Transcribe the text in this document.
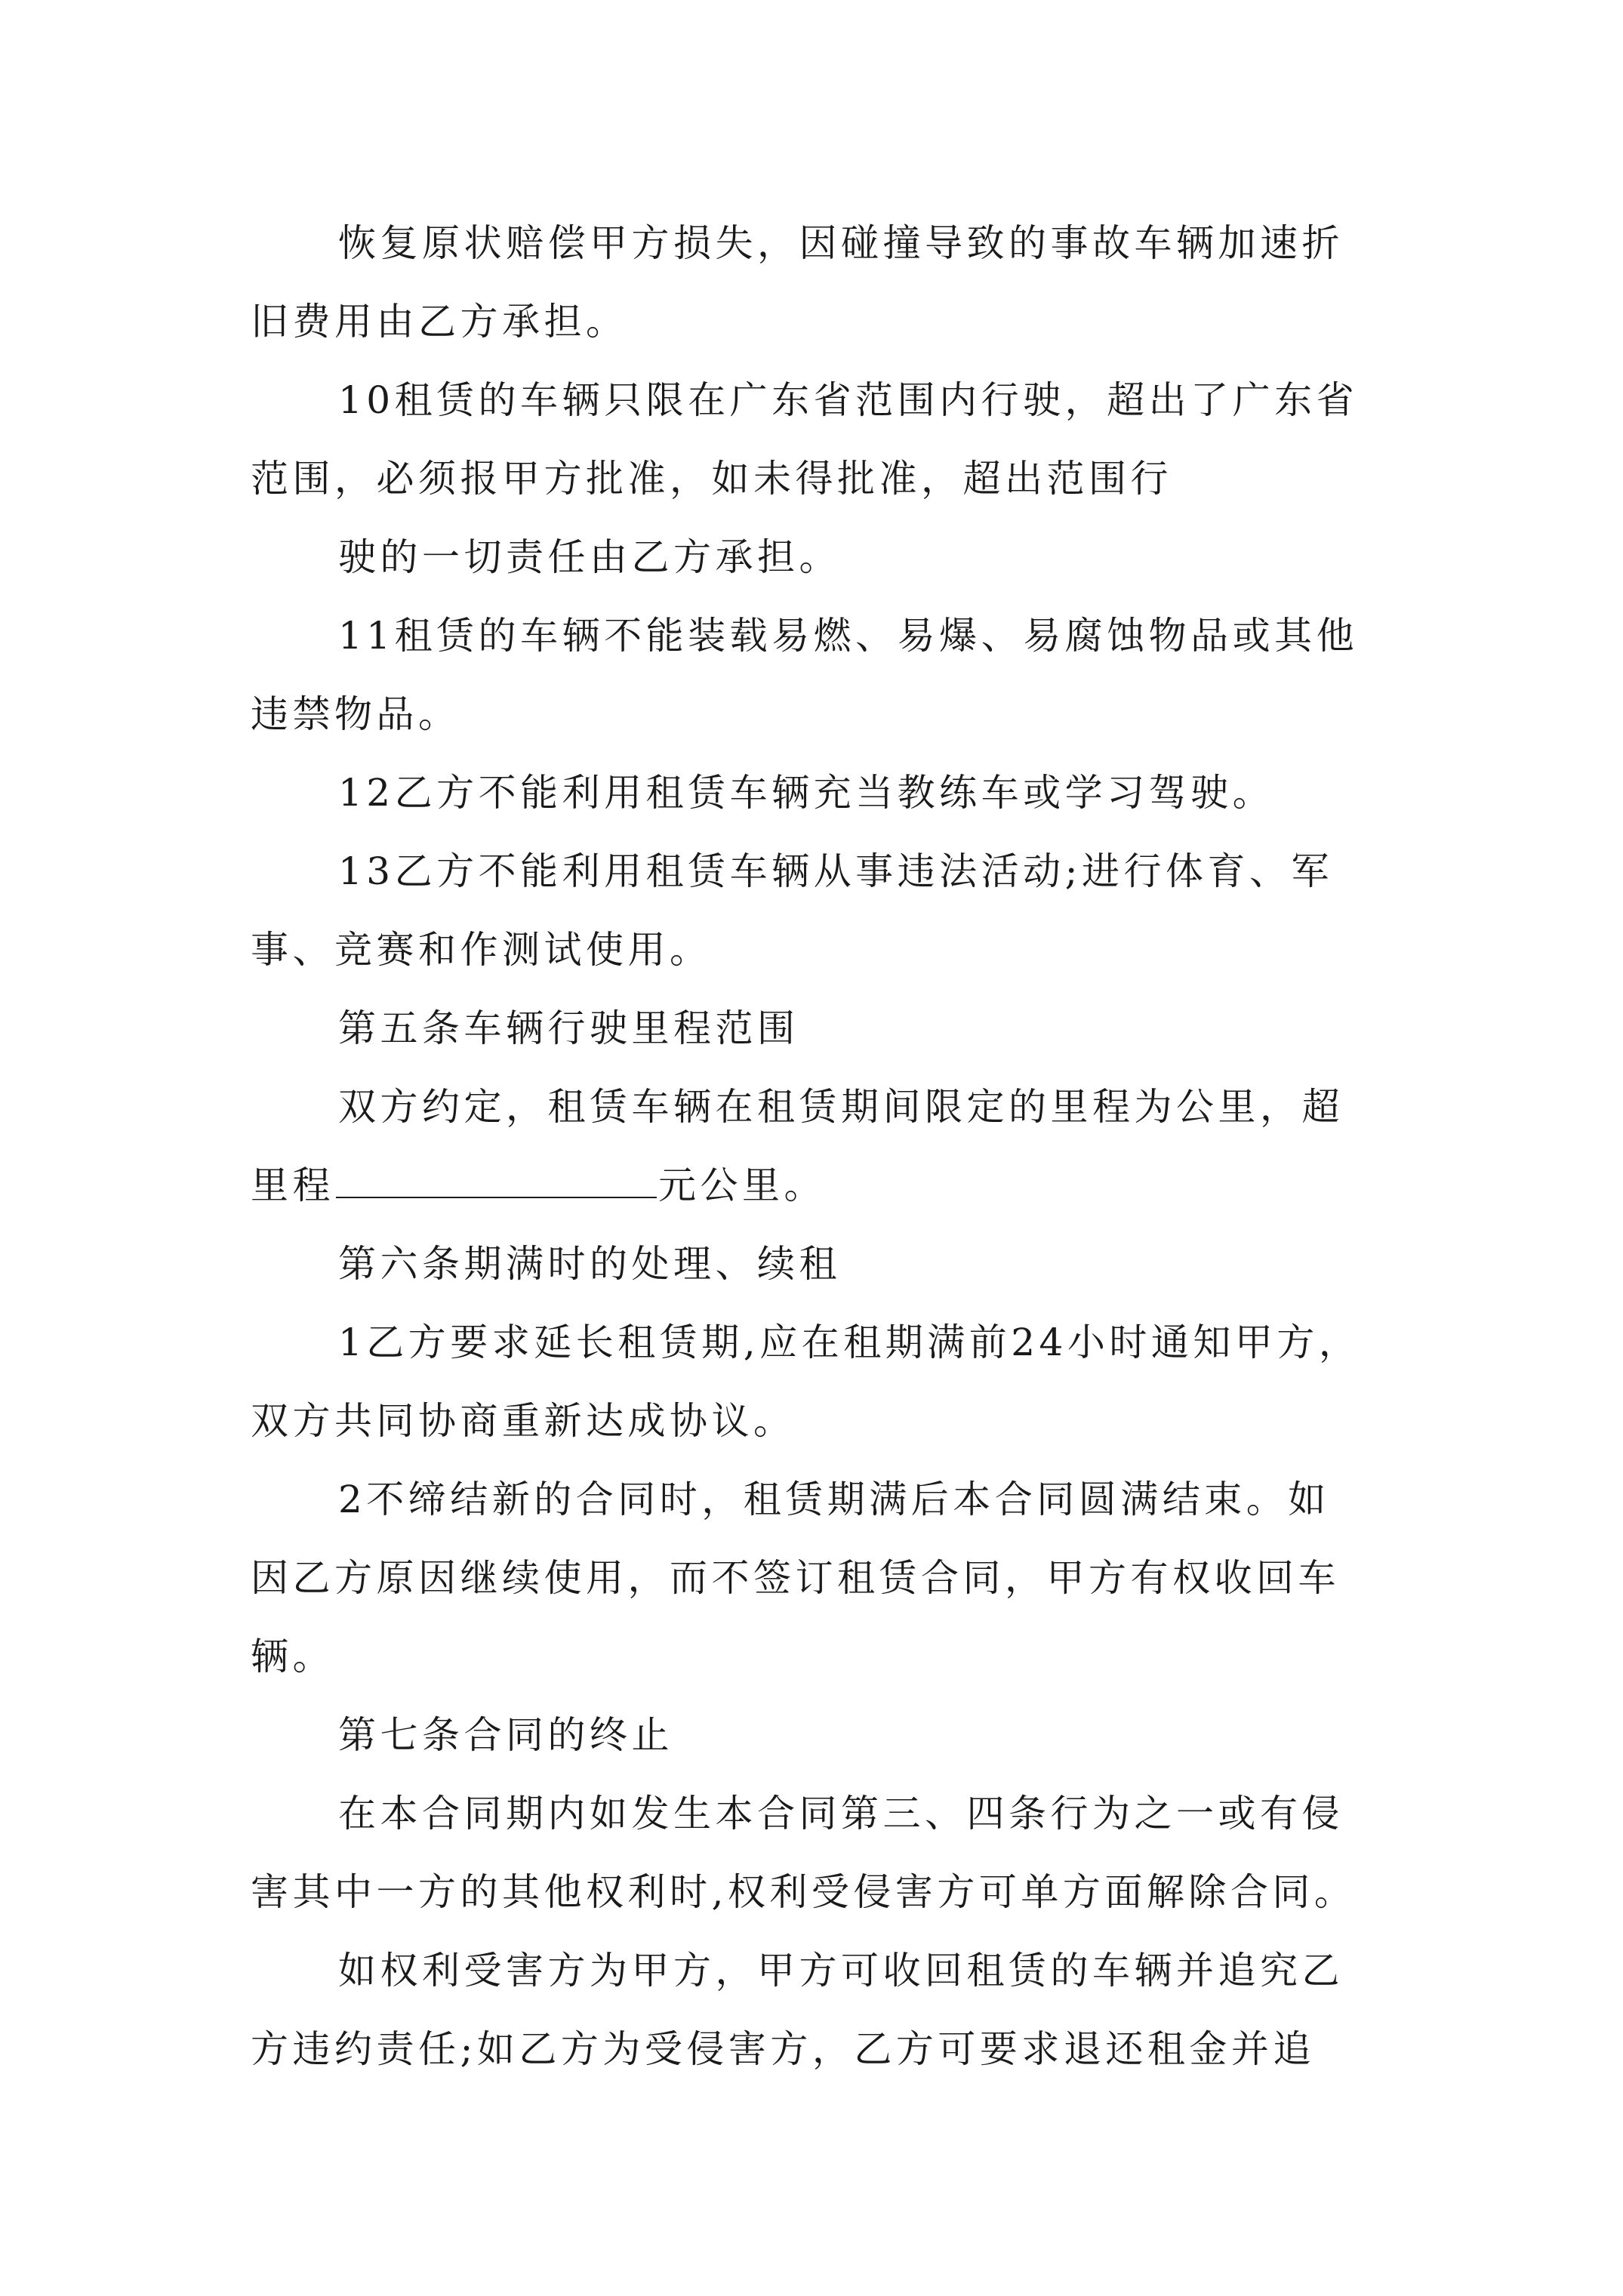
恢复原状赔偿甲方损失，因碰撞导致的事故车辆加速折
旧费用由乙方承担。
10租赁的车辆只限在广东省范围内行驶，超出了广东省
范围，必须报甲方批准，如未得批准，超出范围行
驶的一切责任由乙方承担。
11租赁的车辆不能装载易燃、易爆、易腐蚀物品或其他
违禁物品。
12乙方不能利用租赁车辆充当教练车或学习驾驶。
13乙方不能利用租赁车辆从事违法活动;进行体育、军
事、竞赛和作测试使用。
第五条车辆行驶里程范围
双方约定，租赁车辆在租赁期间限定的里程为公里，超
里程	元公里。
第六条期满时的处理、续租
1乙方要求延长租赁期,应在租期满前24小时通知甲方，
双方共同协商重新达成协议。
2不缔结新的合同时，租赁期满后本合同圆满结束。如
因乙方原因继续使用，而不签订租赁合同，甲方有权收回车
辆。
第七条合同的终止
在本合同期内如发生本合同第三、四条行为之一或有侵
害其中一方的其他权利时,权利受侵害方可单方面解除合同。
如权利受害方为甲方，甲方可收回租赁的车辆并追究乙
方违约责任;如乙方为受侵害方，乙方可要求退还租金并追
